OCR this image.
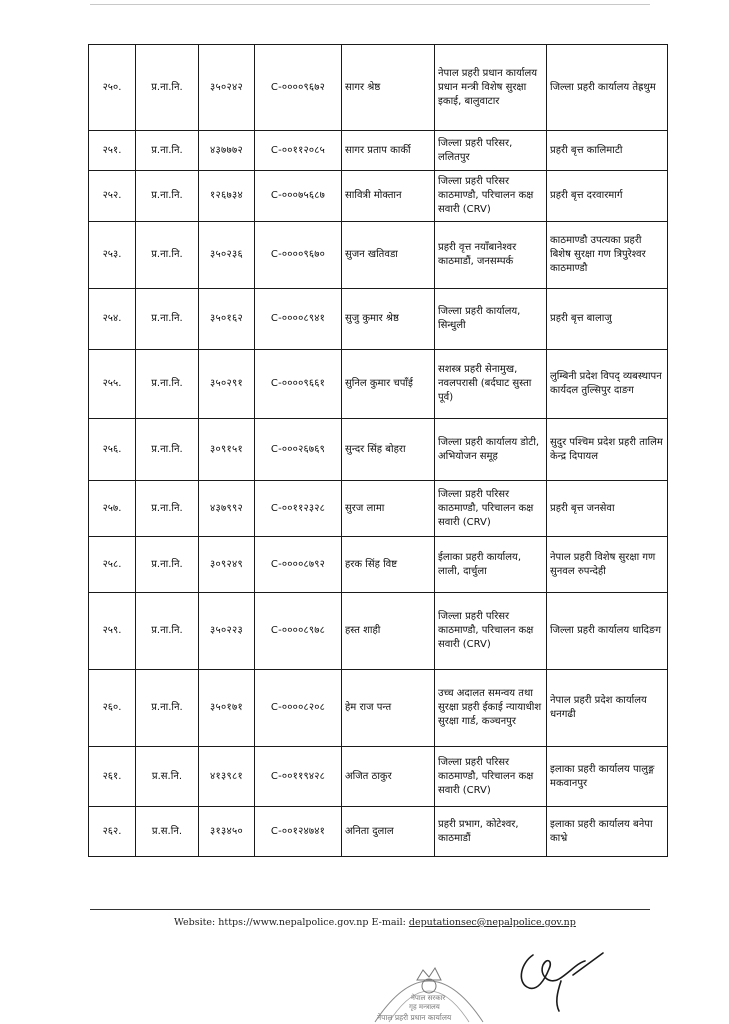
२५०.	प्र.ना.नि.	३५०२४२	C-००००९६७२	सागर श्रेष्ठ	नेपाल प्रहरी प्रधान कार्यालय प्रधान मन्त्री विशेष सुरक्षा इकाई, बालुवाटार	जिल्ला प्रहरी कार्यालय तेह्रथुम
२५१.	प्र.ना.नि.	४३७७७२	C-००११२०८५	सागर प्रताप कार्की	जिल्ला प्रहरी परिसर, ललितपुर	प्रहरी बृत्त कालिमाटी
२५२.	प्र.ना.नि.	१२६७३४	C-०००७५६८७	सावित्री मोक्तान	जिल्ला प्रहरी परिसर काठमाण्डौ, परिचालन कक्ष सवारी (CRV)	प्रहरी बृत्त दरवारमार्ग
२५३.	प्र.ना.नि.	३५०२३६	C-००००९६७०	सुजन खतिवडा	प्रहरी वृत्त नयाँबानेश्वर काठमाडौं, जनसम्पर्क	काठमाण्डौ उपत्यका प्रहरी बिशेष सुरक्षा गण त्रिपुरेश्वर काठमाण्डौ
२५४.	प्र.ना.नि.	३५०१६२	C-००००८९४१	सुजु कुमार श्रेष्ठ	जिल्ला प्रहरी कार्यालय, सिन्धुली	प्रहरी बृत्त बालाजु
२५५.	प्र.ना.नि.	३५०२९१	C-००००९६६१	सुनिल कुमार चपाँई	सशस्त्र प्रहरी सेनामुख, नवलपरासी (बर्दघाट सुस्ता पूर्व)	लुम्बिनी प्रदेश विपद् व्यबस्थापन कार्यदल तुल्सिपुर दाङग
२५६.	प्र.ना.नि.	३०९१५१	C-०००२६७६९	सुन्दर सिंह बोहरा	जिल्ला प्रहरी कार्यालय डोटी, अभियोजन समूह	सुदुर पश्चिम प्रदेश प्रहरी तालिम केन्द्र दिपायल
२५७.	प्र.ना.नि.	४३७९९२	C-००११२३२८	सुरज लामा	जिल्ला प्रहरी परिसर काठमाण्डौ, परिचालन कक्ष सवारी (CRV)	प्रहरी बृत्त जनसेवा
२५८.	प्र.ना.नि.	३०९२४९	C-००००८७९२	हरक सिंह विष्ट	ईलाका प्रहरी कार्यालय, लाली, दार्चुला	नेपाल प्रहरी विशेष सुरक्षा गण सुनवल रुपन्देही
२५९.	प्र.ना.नि.	३५०२२३	C-००००८९७८	हस्त शाही	जिल्ला प्रहरी परिसर काठमाण्डौ, परिचालन कक्ष सवारी (CRV)	जिल्ला प्रहरी कार्यालय धादिङग
२६०.	प्र.ना.नि.	३५०१७१	C-००००८२०८	हेम राज पन्त	उच्च अदालत समन्वय तथा सुरक्षा प्रहरी ईकाई न्यायाधीश सुरक्षा गार्ड, कञ्चनपुर	नेपाल प्रहरी प्रदेश कार्यालय धनगढी
२६१.	प्र.स.नि.	४१३९८१	C-००११९४२८	अजित ठाकुर	जिल्ला प्रहरी परिसर काठमाण्डौ, परिचालन कक्ष सवारी (CRV)	इलाका प्रहरी कार्यालय पालुङ्ग मकवानपुर
२६२.	प्र.स.नि.	३१३४५०	C-००१२४७४१	अनिता दुलाल	प्रहरी प्रभाग, कोटेश्वर, काठमाडौं	इलाका प्रहरी कार्यालय बनेपा काभ्रे
Website: https://www.nepalpolice.gov.np E-mail: deputationsec@nepalpolice.gov.np
नेपाल सरकार
गृह मन्त्रालय
नेपाल प्रहरी प्रधान कार्यालय
